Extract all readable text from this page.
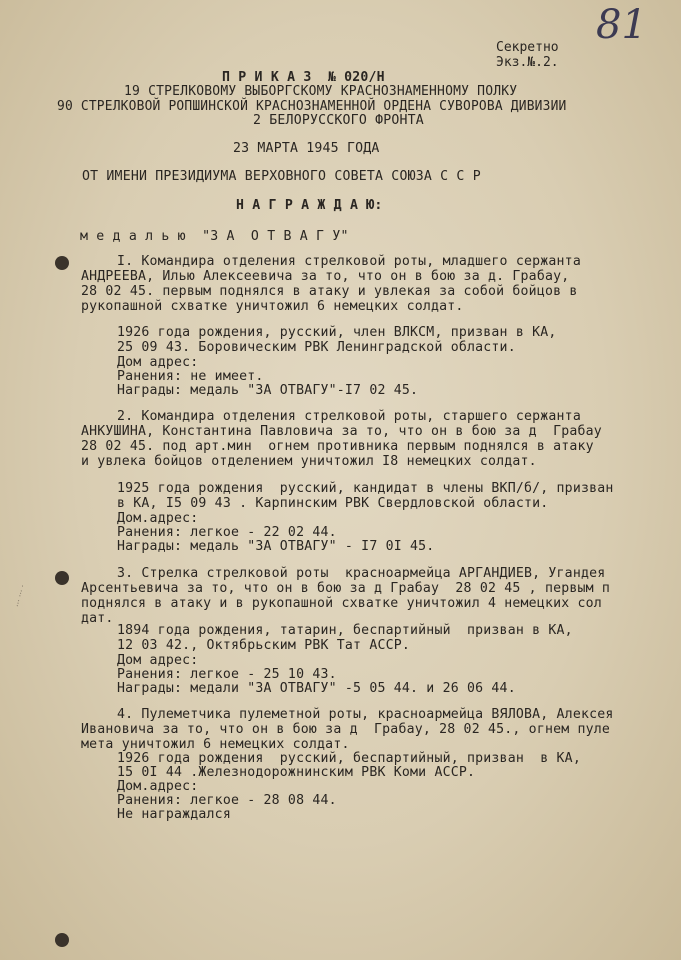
··· ··· ·
Секретно
Экз.№.2.
81
П Р И К А З  № 020/Н
19 СТРЕЛКОВОМУ ВЫБОРГСКОМУ КРАСНОЗНАМЕННОМУ ПОЛКУ
90 СТРЕЛКОВОЙ РОПШИНСКОЙ КРАСНОЗНАМЕННОЙ ОРДЕНА СУВОРОВА ДИВИЗИИ
2 БЕЛОРУССКОГО ФРОНТА
23 МАРТА 1945 ГОДА
ОТ ИМЕНИ ПРЕЗИДИУМА ВЕРХОВНОГО СОВЕТА СОЮЗА С С Р
Н А Г Р А Ж Д А Ю:
м е д а л ь ю  "З А  О Т В А Г У"
I. Командира отделения стрелковой роты, младшего сержанта
АНДРЕЕВА, Илью Алексеевича за то, что он в бою за д. Грабау,
28 02 45. первым поднялся в атаку и увлекая за собой бойцов в
рукопашной схватке уничтожил 6 немецких солдат.
1926 года рождения, русский, член ВЛКСМ, призван в КА,
25 09 43. Боровическим РВК Ленинградской области.
Дом адрес:
Ранения: не имеет.
Награды: медаль "ЗА ОТВАГУ"-I7 02 45.
2. Командира отделения стрелковой роты, старшего сержанта
АНКУШИНА, Константина Павловича за то, что он в бою за д  Грабау
28 02 45. под арт.мин  огнем противника первым поднялся в атаку
и увлека бойцов отделением уничтожил I8 немецких солдат.
1925 года рождения  русский, кандидат в члены ВКП/б/, призван
в КА, I5 09 43 . Карпинским РВК Свердловской области.
Дом.адрес:
Ранения: легкое - 22 02 44.
Награды: медаль "ЗА ОТВАГУ" - I7 0I 45.
3. Стрелка стрелковой роты  красноармейца АРГАНДИЕВ, Угандея
Арсентьевича за то, что он в бою за д Грабау  28 02 45 , первым п
поднялся в атаку и в рукопашной схватке уничтожил 4 немецких сол
дат.
1894 года рождения, татарин, беспартийный  призван в КА,
12 03 42., Октябрьским РВК Тат АССР.
Дом адрес:
Ранения: легкое - 25 10 43.
Награды: медали "ЗА ОТВАГУ" -5 05 44. и 26 06 44.
4. Пулеметчика пулеметной роты, красноармейца ВЯЛОВА, Алексея
Ивановича за то, что он в бою за д  Грабау, 28 02 45., огнем пуле
мета уничтожил 6 немецких солдат.
1926 года рождения  русский, беспартийный, призван  в КА,
15 0I 44 .Железнодорожнинским РВК Коми АССР.
Дом.адрес:
Ранения: легкое - 28 08 44.
Не награждался
